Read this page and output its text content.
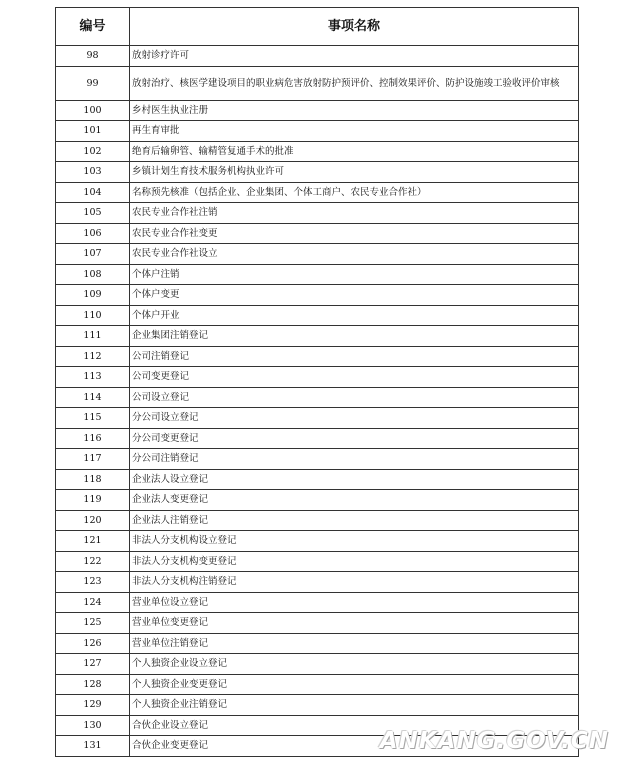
编号	事项名称
98	放射诊疗许可
99	放射治疗、核医学建设项目的职业病危害放射防护预评价、控制效果评价、防护设施竣工验收评价审核
100	乡村医生执业注册
101	再生育审批
102	绝育后输卵管、输精管复通手术的批准
103	乡镇计划生育技术服务机构执业许可
104	名称预先核准（包括企业、企业集团、个体工商户、农民专业合作社）
105	农民专业合作社注销
106	农民专业合作社变更
107	农民专业合作社设立
108	个体户注销
109	个体户变更
110	个体户开业
111	企业集团注销登记
112	公司注销登记
113	公司变更登记
114	公司设立登记
115	分公司设立登记
116	分公司变更登记
117	分公司注销登记
118	企业法人设立登记
119	企业法人变更登记
120	企业法人注销登记
121	非法人分支机构设立登记
122	非法人分支机构变更登记
123	非法人分支机构注销登记
124	营业单位设立登记
125	营业单位变更登记
126	营业单位注销登记
127	个人独资企业设立登记
128	个人独资企业变更登记
129	个人独资企业注销登记
130	合伙企业设立登记
131	合伙企业变更登记	ANKANG.GOV.CN
